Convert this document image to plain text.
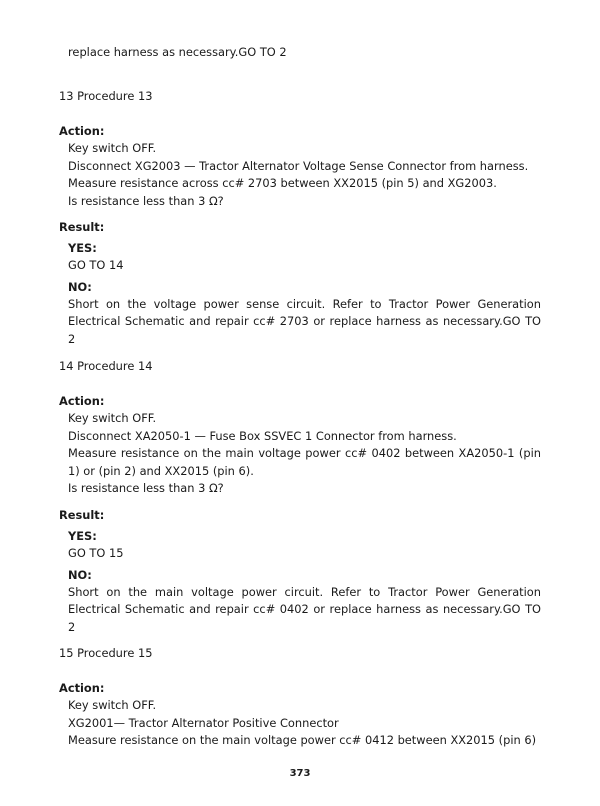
replace harness as necessary.GO TO 2

13 Procedure 13

Action:

Key switch OFF.

Disconnect XG2003 — Tractor Alternator Voltage Sense Connector from harness.

Measure resistance across cc# 2703 between XX2015 (pin 5) and XG2003.

Is resistance less than 3 Ω?

Result:

YES:

GO TO 14

NO:

Short on the voltage power sense circuit. Refer to Tractor Power Generation Electrical Schematic and repair cc# 2703 or replace harness as necessary.GO TO 2

14 Procedure 14

Action:

Key switch OFF.

Disconnect XA2050-1 — Fuse Box SSVEC 1 Connector from harness.

Measure resistance on the main voltage power cc# 0402 between XA2050-1 (pin 1) or (pin 2) and XX2015 (pin 6).

Is resistance less than 3 Ω?

Result:

YES:

GO TO 15

NO:

Short on the main voltage power circuit. Refer to Tractor Power Generation Electrical Schematic and repair cc# 0402 or replace harness as necessary.GO TO 2

15 Procedure 15

Action:

Key switch OFF.

XG2001— Tractor Alternator Positive Connector

Measure resistance on the main voltage power cc# 0412 between XX2015 (pin 6)

373
